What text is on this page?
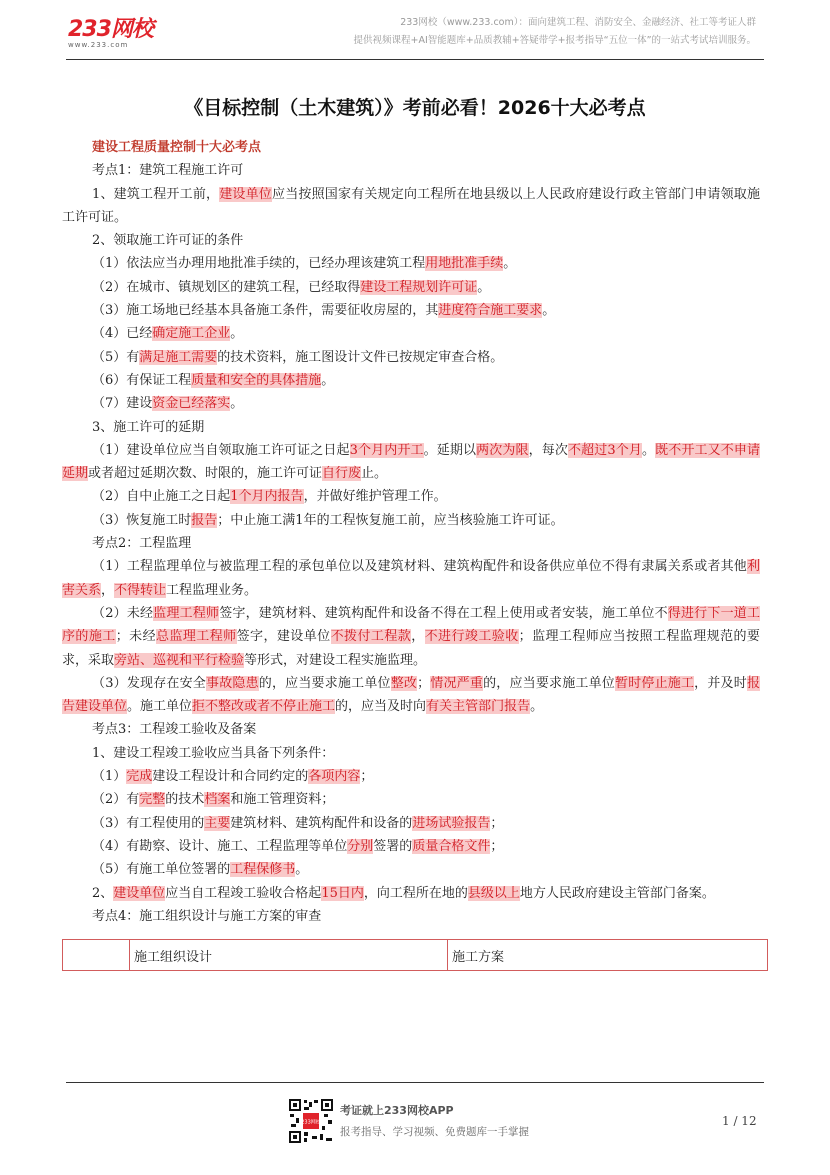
233网校
www.233.com
233网校（www.233.com）：面向建筑工程、消防安全、金融经济、社工等考证人群
提供视频课程+AI智能题库+品质教辅+答疑带学+报考指导“五位一体”的一站式考试培训服务。
《目标控制（土木建筑）》考前必看！2026十大必考点

建设工程质量控制十大必考点

考点1：建筑工程施工许可

1、建筑工程开工前，建设单位应当按照国家有关规定向工程所在地县级以上人民政府建设行政主管部门申请领取施工许可证。

2、领取施工许可证的条件

（1）依法应当办理用地批准手续的，已经办理该建筑工程用地批准手续。

（2）在城市、镇规划区的建筑工程，已经取得建设工程规划许可证。

（3）施工场地已经基本具备施工条件，需要征收房屋的，其进度符合施工要求。

（4）已经确定施工企业。

（5）有满足施工需要的技术资料，施工图设计文件已按规定审查合格。

（6）有保证工程质量和安全的具体措施。

（7）建设资金已经落实。

3、施工许可的延期

（1）建设单位应当自领取施工许可证之日起3个月内开工。延期以两次为限，每次不超过3个月。既不开工又不申请延期或者超过延期次数、时限的，施工许可证自行废止。

（2）自中止施工之日起1个月内报告，并做好维护管理工作。

（3）恢复施工时报告；中止施工满1年的工程恢复施工前，应当核验施工许可证。

考点2：工程监理

（1）工程监理单位与被监理工程的承包单位以及建筑材料、建筑构配件和设备供应单位不得有隶属关系或者其他利害关系，不得转让工程监理业务。

（2）未经监理工程师签字，建筑材料、建筑构配件和设备不得在工程上使用或者安装，施工单位不得进行下一道工序的施工；未经总监理工程师签字，建设单位不拨付工程款，不进行竣工验收；监理工程师应当按照工程监理规范的要求，采取旁站、巡视和平行检验等形式，对建设工程实施监理。

（3）发现存在安全事故隐患的，应当要求施工单位整改；情况严重的，应当要求施工单位暂时停止施工，并及时报告建设单位。施工单位拒不整改或者不停止施工的，应当及时向有关主管部门报告。

考点3：工程竣工验收及备案

1、建设工程竣工验收应当具备下列条件：

（1）完成建设工程设计和合同约定的各项内容；

（2）有完整的技术档案和施工管理资料；

（3）有工程使用的主要建筑材料、建筑构配件和设备的进场试验报告；

（4）有勘察、设计、施工、工程监理等单位分别签署的质量合格文件；

（5）有施工单位签署的工程保修书。

2、建设单位应当自工程竣工验收合格起15日内，向工程所在地的县级以上地方人民政府建设主管部门备案。

考点4：施工组织设计与施工方案的审查

	施工组织设计	施工方案
233网校
考证就上233网校APP
报考指导、学习视频、免费题库一手掌握
1 / 12
